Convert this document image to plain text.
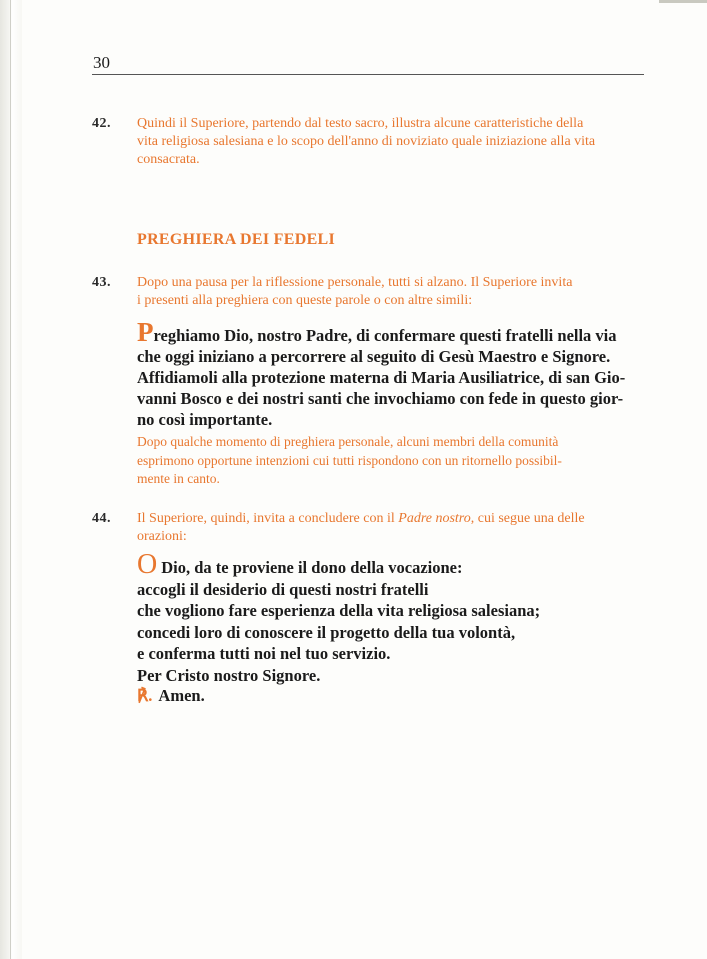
30
42. Quindi il Superiore, partendo dal testo sacro, illustra alcune caratteristiche della
vita religiosa salesiana e lo scopo dell'anno di noviziato quale iniziazione alla vita
consacrata.
PREGHIERA DEI FEDELI
43. Dopo una pausa per la riflessione personale, tutti si alzano. Il Superiore invita
i presenti alla preghiera con queste parole o con altre simili:
Preghiamo Dio, nostro Padre, di confermare questi fratelli nella via
che oggi iniziano a percorrere al seguito di Gesù Maestro e Signore.
Affidiamoli alla protezione materna di Maria Ausiliatrice, di san Gio-
vanni Bosco e dei nostri santi che invochiamo con fede in questo gior-
no così importante.
Dopo qualche momento di preghiera personale, alcuni membri della comunità
esprimono opportune intenzioni cui tutti rispondono con un ritornello possibil-
mente in canto.
44. Il Superiore, quindi, invita a concludere con il Padre nostro, cui segue una delle
orazioni:
O Dio, da te proviene il dono della vocazione:
accogli il desiderio di questi nostri fratelli
che vogliono fare esperienza della vita religiosa salesiana;
concedi loro di conoscere il progetto della tua volontà,
e conferma tutti noi nel tuo servizio.
Per Cristo nostro Signore.
℟. Amen.
